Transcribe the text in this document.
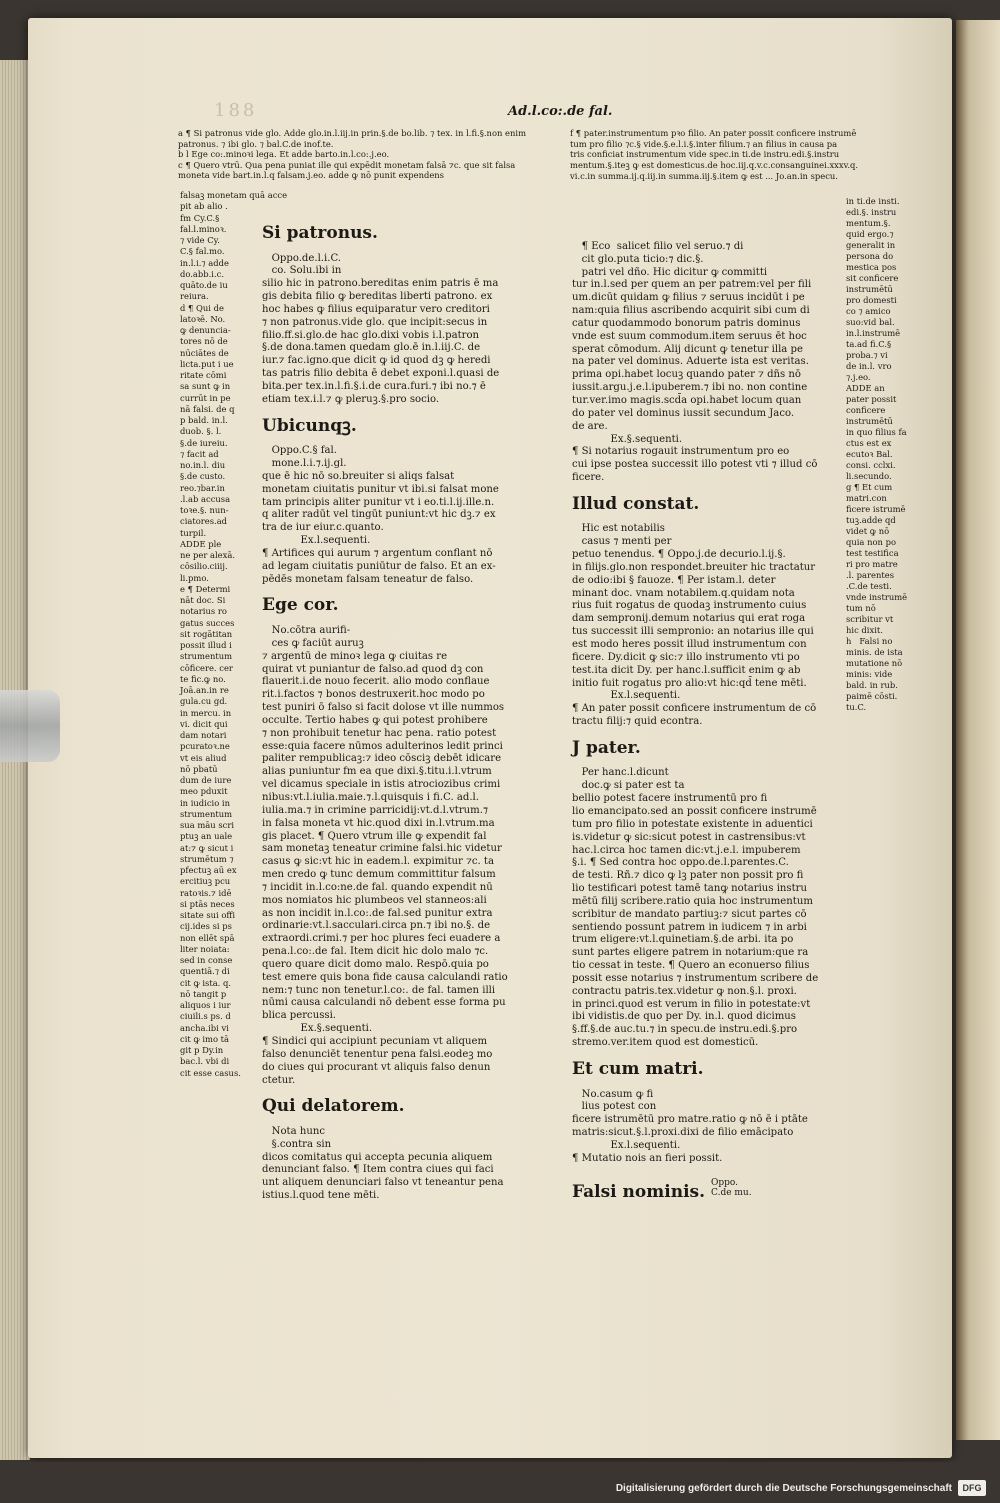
188	Ad.l.co:.de fal.
a ¶ Si patronus vide glo. Adde glo.in.l.iij.in prin.§.de bo.lib. ⁊ tex. in l.fi.§.non enim patronus. ⁊ ibi glo. ⁊ bal.C.de inof.te.
b l Ege co:.minoꝛi lega. Et adde barto.in.l.co:.j.eo.
c ¶ Quero vtrū. Qua pena puniat ille qui expēdit monetam falsā ⁊c. que sit falsa moneta vide bart.in.l.q falsam.j.eo. adde ꝙ nō punit expendens
falsaꝫ monetam
pit ab alio .
fm Cy.C.§
fal.l.minoꝛ.
⁊ vide Cy.
C.§ fal.mo.
in.l.i.⁊ adde
do.abb.i.c.
quāto.de iu
reiura.
d ¶ Qui de
latoꝛē. No.
ꝙ denuncia-
tores nō de
nūciātes de
licta.put i ue
ritate cōmi
sa sunt ꝙ in
currūt in pe
nā falsi. de q
p bald. in.l.
duob. §. l.
§.de iureiu.
⁊ facit ad
no.in.l. diu
§.de custo.
reo.⁊bar.in
.l.ab accusa
toꝛe.§. nun-
ciatores.ad
turpil.
ADDE ple
ne per alexā.
cōsilio.ciiij.
li.pmo.
e ¶ Determi
nāt doc. Si
notarius ro
gatus succes
sit rogātitan
possit illud i
strumentum
cōficere. cer
te fic.ꝙ no.
Joā.an.in re
gula.cu gd.
in mercu. in
vi. dicit qui
dam notari
pcuratoꝛ.ne
vt eis aliud
nō pbatū
dum de iure
meo pduxit
in iudicio in
strumentum
sua māu scri
ptuꝫ an uale
at:⁊ ꝙ sicut i
strumētum ⁊
pfectuꝫ aū ex
ercitiuꝫ pcu
ratoꝛis.⁊ idē
si ptās neces
sitate sui offi
cij.ides si ps
non ellēt spā
liter noiata:
sed in conse
quentiā.⁊ di
cit ꝙ ista. q.
nō tangit p
aliquos i iur
ciuili.s ps. d
ancha.ibi vi
cit ꝙ imo tā
git p Dy.in
bac.l. vbi di
cit esse casus.

Si patronus.

Oppo.de.l.i.C.
co. Solu.ibi in
silio hic in patrono.bereditas enim patris ē ma
gis debita filio ꝙ bereditas liberti patrono. ex
hoc habes ꝙ filius equiparatur vero creditori
⁊ non patronus.vide glo. que incipit:secus in
filio.ff.si.glo.de hac glo.dixi vobis i.l.patron
§.de dona.tamen quedam glo.ē in.l.iij.C. de
iur.⁊ fac.igno.que dicit ꝙ id quod dꝫ ꝙ heredi
tas patris filio debita ē debet exponi.l.quasi de
bita.per tex.in.l.fi.§.i.de cura.furi.⁊ ibi no.⁊ ē
etiam tex.i.l.⁊ ꝙ pleruꝫ.§.pro socio.

Ubicunqꝫ.

Oppo.C.§ fal.
mone.l.i.⁊.ij.gl.
que ē hic nō so.breuiter si aliqs falsat
monetam ciuitatis punitur vt ibi.si falsat mone
tam principis aliter punitur vt i eo.ti.l.ij.ille.n.
q aliter radūt vel tingūt puniunt:vt hic dꝫ.⁊ ex
tra de iur eiur.c.quanto.
Ex.l.sequenti.
¶ Artifices qui aurum ⁊ argentum conflant nō
ad legam ciuitatis puniūtur de falso. Et an ex-
pēdēs monetam falsam teneatur de falso.

Ege cor.

No.cōtra aurifi-
ces ꝙ faciūt auruꝫ
⁊ argentū de minoꝛ lega ꝙ ciuitas re
quirat vt puniantur de falso.ad quod dꝫ con
flauerit.i.de nouo fecerit. alio modo conflaue
rit.i.factos ⁊ bonos destruxerit.hoc modo po
test puniri ō falso si facit dolose vt ille nummos
occulte. Tertio habes ꝙ qui potest prohibere
⁊ non prohibuit tenetur hac pena. ratio potest
esse:quia facere nūmos adulterinos ledit princi
paliter rempublicaꝫ:⁊ ideo cōsciꝫ debēt idicare
alias puniuntur fm ea que dixi.§.titu.i.l.vtrum
vel dicamus speciale in istis atrociozibus crimi
nibus:vt.l.iulia.maie.⁊.l.quisquis i fi.C. ad.l.
iulia.ma.⁊ in crimine parricidij:vt.d.l.vtrum.⁊
in falsa moneta vt hic.quod dixi in.l.vtrum.ma
gis placet. ¶ Quero vtrum ille ꝙ expendit fal
sam monetaꝫ teneatur crimine falsi.hic videtur
casus ꝙ sic:vt hic in eadem.l. expimitur ⁊c. ta
men credo ꝙ tunc demum committitur falsum
⁊ incidit in.l.co:ne.de fal. quando expendit nū
mos nomiatos hic plumbeos vel stanneos:ali
as non incidit in.l.co:.de fal.sed punitur extra
ordinarie:vt.l.sacculari.circa pn.⁊ ibi no.§. de
extraordi.crimi.⁊ per hoc plures feci euadere a
pena.l.co:.de fal. Item dicit hic dolo malo ⁊c.
quero quare dicit domo malo. Respō.quia po
test emere quis bona fide causa calculandi ratio
nem:⁊ tunc non tenetur.l.co:. de fal. tamen illi
nūmi causa calculandi nō debent esse forma pu
blica percussi.
Ex.§.sequenti.
¶ Sindici qui accipiunt pecuniam vt aliquem
falso denunciēt tenentur pena falsi.eodeꝫ mo
do ciues qui procurant vt aliquis falso denun
ctetur.

Qui delatorem.

Nota hunc
§.contra sin
dicos comitatus qui accepta pecunia aliquem
denunciant falso. ¶ Item contra ciues qui faci
unt aliquem denunciari falso vt teneantur pena
istius.l.quod tene mēti.

f ¶ pater.instrumentum pꝛo filio. An pater possit conficere instrumē
tum pro filio ⁊c.§ vide.§.e.l.i.§.inter filium.⁊ an filius in causa pa
tris conficiat instrumentum vide spec.in ti.de instru.edi.§.instru
mentum.§.iteꝫ ꝙ est domesticus.de hoc.iij.q.v.c.consanguinei.xxxv.q.
vi.c.in summa.ij.q.iij.in summa.iij.§.item ꝙ est ... Jo.an.in specu.

¶ Eco  salicet filio vel seruo.⁊ di
cit glo.puta ticio:⁊ dic.§.
patri vel dño. Hic dicitur ꝙ committi
tur in.l.sed per quem an per patrem:vel per fili
um.dicūt quidam ꝙ filius ⁊ seruus incidūt i pe
nam:quia filius ascribendo acquirit sibi cum di
catur quodammodo bonorum patris dominus
vnde est suum commodum.item seruus ēt hoc
sperat cōmodum. Alij dicunt ꝙ tenetur illa pe
na pater vel dominus. Aduerte ista est veritas.
prima opi.habet locuꝫ quando pater ⁊ dñs nō
iussit.argu.j.e.l.ipuberem.⁊ ibi no. non contine
tur.ver.imo magis.scd̄a opi.habet locum quan
do pater vel dominus iussit secundum Jaco.
de are.
Ex.§.sequenti.
¶ Si notarius rogauit instrumentum pro eo
cui ipse postea successit illo potest vti ⁊ illud cō
ficere.

Illud constat.

Hic est notabilis
casus ⁊ menti per
petuo tenendus. ¶ Oppo.j.de decurio.l.ij.§.
in filijs.glo.non respondet.breuiter hic tractatur
de odio:ibi § fauoze. ¶ Per istam.l. deter
minant doc. vnam notabilem.q.quidam nota
rius fuit rogatus de quodaꝫ instrumento cuius
dam sempronij.demum notarius qui erat roga
tus successit illi sempronio: an notarius ille qui
est modo heres possit illud instrumentum con
ficere. Dy.dicit ꝙ sic:⁊ illo instrumento vti po
test.ita dicit Dy. per hanc.l.sufficit enim ꝙ ab
initio fuit rogatus pro alio:vt hic:qd̄ tene mēti.
Ex.l.sequenti.
¶ An pater possit conficere instrumentum de cō
tractu filij:⁊ quid econtra.

J pater.

Per hanc.l.dicunt
doc.ꝙ si pater est ta
bellio potest facere instrumentū pro fi
lio emancipato.sed an possit conficere instrumē
tum pro filio in potestate existente in aduentici
is.videtur ꝙ sic:sicut potest in castrensibus:vt
hac.l.circa hoc tamen dic:vt.j.e.l. impuberem
§.i. ¶ Sed contra hoc oppo.de.l.parentes.C.
de testi. Rñ.⁊ dico ꝙ lꝫ pater non possit pro fi
lio testificari potest tamē tanꝙ notarius instru
mētū filij scribere.ratio quia hoc instrumentum
scribitur de mandato partiuꝫ:⁊ sicut partes cō
sentiendo possunt patrem in iudicem ⁊ in arbi
trum eligere:vt.l.quinetiam.§.de arbi. ita po
sunt partes eligere patrem in notarium:que ra
tio cessat in teste. ¶ Quero an econuerso filius
possit esse notarius ⁊ instrumentum scribere de
contractu patris.tex.videtur ꝙ non.§.l. proxi.
in princi.quod est verum in filio in potestate:vt
ibi vidistis.de quo per Dy. in.l. quod dicimus
§.ff.§.de auc.tu.⁊ in specu.de instru.edi.§.pro
stremo.ver.item quod est domesticū.

Et cum matri.

No.casum ꝙ fi
lius potest con
ficere istrumētū pro matre.ratio ꝙ nō ē i ptāte
matris:sicut.§.l.proxi.dixi de filio emācipato
Ex.l.sequenti.
¶ Mutatio nois an fieri possit.

Falsi nominis. Oppo.
C.de mu.

in ti.de insti.
edi.§. instru
mentum.§.
quid ergo.⁊
generalit in
persona do
mestica pos
sit conficere
instrumētū
pro domesti
co ⁊ amico
suo:vid bal.
in.l.instrumē
ta.ad fi.C.§
proba.⁊ vi
de in.l. vro
⁊.j.eo.
ADDE an
pater possit
conficere
instrumētū
in quo filius fa
ctus est ex
ecutoꝛ Bal.
consi. cclxi.
li.secundo.
g ¶ Et cum
matri.con
ficere istrumē
tuꝫ.adde qd
videt ꝙ nō
quia non po
test testifica
ri pro matre
.l. parentes
.C.de testi.
vnde instrumē
tum nō
scribitur vt
hic dixit.
h   Falsi no
minis. de ista
mutatione nō
minis: vide
bald. in rub.
paimē cōsti.
tu.C.
Digitalisierung gefördert durch die Deutsche Forschungsgemeinschaft	DFG
